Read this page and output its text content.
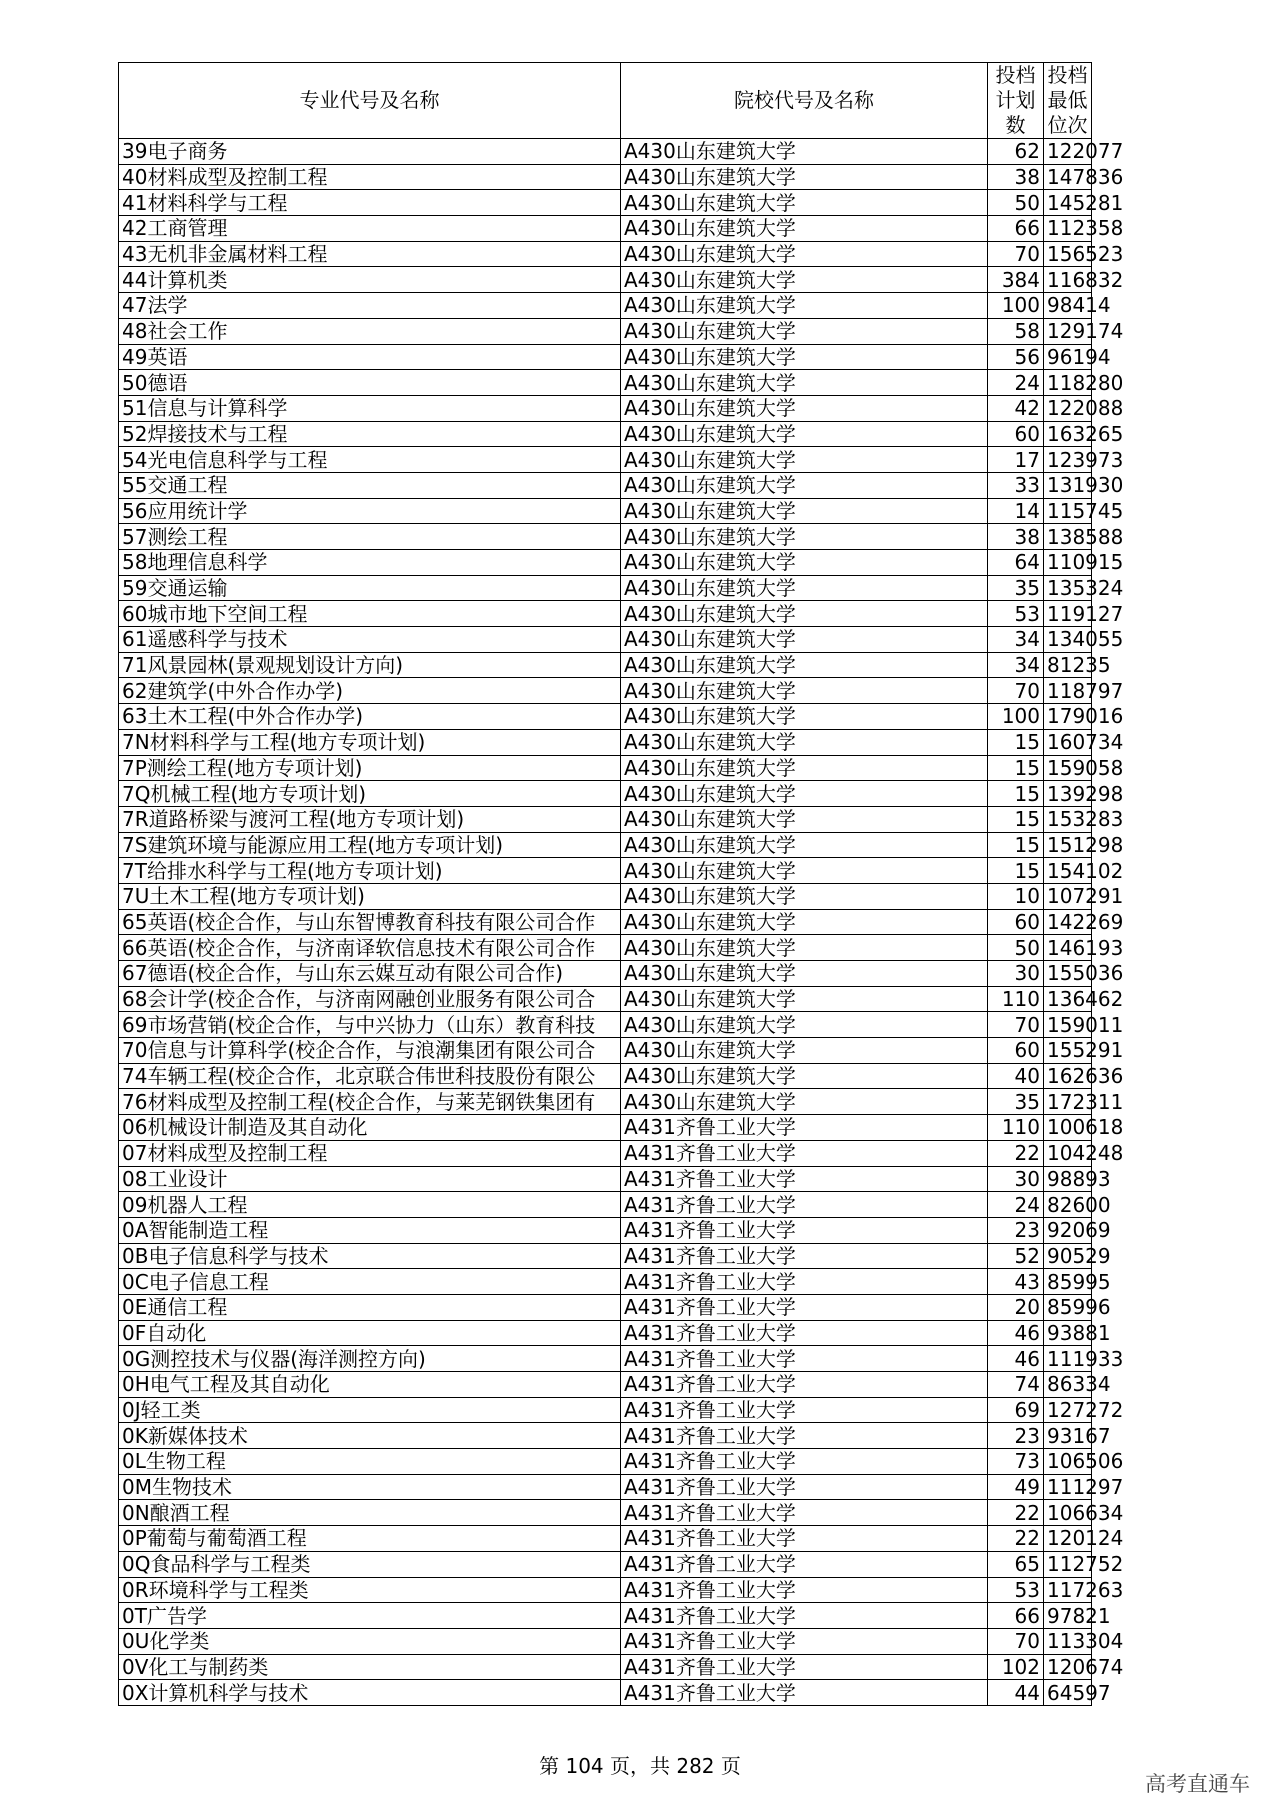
专业代号及名称	院校代号及名称	投档计划数	投档最低位次
39电子商务	A430山东建筑大学	62	122077
40材料成型及控制工程	A430山东建筑大学	38	147836
41材料科学与工程	A430山东建筑大学	50	145281
42工商管理	A430山东建筑大学	66	112358
43无机非金属材料工程	A430山东建筑大学	70	156523
44计算机类	A430山东建筑大学	384	116832
47法学	A430山东建筑大学	100	98414
48社会工作	A430山东建筑大学	58	129174
49英语	A430山东建筑大学	56	96194
50德语	A430山东建筑大学	24	118280
51信息与计算科学	A430山东建筑大学	42	122088
52焊接技术与工程	A430山东建筑大学	60	163265
54光电信息科学与工程	A430山东建筑大学	17	123973
55交通工程	A430山东建筑大学	33	131930
56应用统计学	A430山东建筑大学	14	115745
57测绘工程	A430山东建筑大学	38	138588
58地理信息科学	A430山东建筑大学	64	110915
59交通运输	A430山东建筑大学	35	135324
60城市地下空间工程	A430山东建筑大学	53	119127
61遥感科学与技术	A430山东建筑大学	34	134055
71风景园林(景观规划设计方向)	A430山东建筑大学	34	81235
62建筑学(中外合作办学)	A430山东建筑大学	70	118797
63土木工程(中外合作办学)	A430山东建筑大学	100	179016
7N材料科学与工程(地方专项计划)	A430山东建筑大学	15	160734
7P测绘工程(地方专项计划)	A430山东建筑大学	15	159058
7Q机械工程(地方专项计划)	A430山东建筑大学	15	139298
7R道路桥梁与渡河工程(地方专项计划)	A430山东建筑大学	15	153283
7S建筑环境与能源应用工程(地方专项计划)	A430山东建筑大学	15	151298
7T给排水科学与工程(地方专项计划)	A430山东建筑大学	15	154102
7U土木工程(地方专项计划)	A430山东建筑大学	10	107291
65英语(校企合作，与山东智博教育科技有限公司合作	A430山东建筑大学	60	142269
66英语(校企合作，与济南译软信息技术有限公司合作	A430山东建筑大学	50	146193
67德语(校企合作，与山东云媒互动有限公司合作)	A430山东建筑大学	30	155036
68会计学(校企合作，与济南网融创业服务有限公司合	A430山东建筑大学	110	136462
69市场营销(校企合作，与中兴协力（山东）教育科技	A430山东建筑大学	70	159011
70信息与计算科学(校企合作，与浪潮集团有限公司合	A430山东建筑大学	60	155291
74车辆工程(校企合作，北京联合伟世科技股份有限公	A430山东建筑大学	40	162636
76材料成型及控制工程(校企合作，与莱芜钢铁集团有	A430山东建筑大学	35	172311
06机械设计制造及其自动化	A431齐鲁工业大学	110	100618
07材料成型及控制工程	A431齐鲁工业大学	22	104248
08工业设计	A431齐鲁工业大学	30	98893
09机器人工程	A431齐鲁工业大学	24	82600
0A智能制造工程	A431齐鲁工业大学	23	92069
0B电子信息科学与技术	A431齐鲁工业大学	52	90529
0C电子信息工程	A431齐鲁工业大学	43	85995
0E通信工程	A431齐鲁工业大学	20	85996
0F自动化	A431齐鲁工业大学	46	93881
0G测控技术与仪器(海洋测控方向)	A431齐鲁工业大学	46	111933
0H电气工程及其自动化	A431齐鲁工业大学	74	86334
0J轻工类	A431齐鲁工业大学	69	127272
0K新媒体技术	A431齐鲁工业大学	23	93167
0L生物工程	A431齐鲁工业大学	73	106506
0M生物技术	A431齐鲁工业大学	49	111297
0N酿酒工程	A431齐鲁工业大学	22	106634
0P葡萄与葡萄酒工程	A431齐鲁工业大学	22	120124
0Q食品科学与工程类	A431齐鲁工业大学	65	112752
0R环境科学与工程类	A431齐鲁工业大学	53	117263
0T广告学	A431齐鲁工业大学	66	97821
0U化学类	A431齐鲁工业大学	70	113304
0V化工与制药类	A431齐鲁工业大学	102	120674
0X计算机科学与技术	A431齐鲁工业大学	44	64597
第 104 页，共 282 页
高考直通车
